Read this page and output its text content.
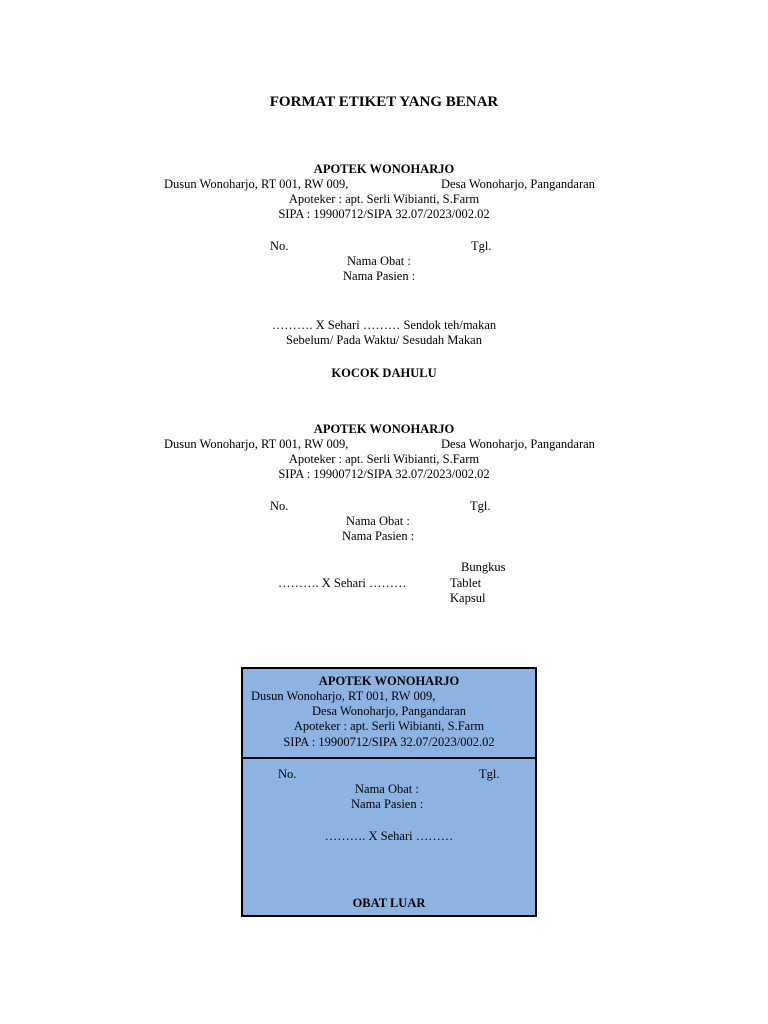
FORMAT ETIKET YANG BENAR
APOTEK WONOHARJO
Dusun Wonoharjo, RT 001, RW 009,	Desa Wonoharjo, Pangandaran
Apoteker : apt. Serli Wibianti, S.Farm
SIPA : 19900712/SIPA 32.07/2023/002.02
No.	Tgl.
Nama Obat :
Nama Pasien :
………. X Sehari ……… Sendok teh/makan
Sebelum/ Pada Waktu/ Sesudah Makan
KOCOK DAHULU
APOTEK WONOHARJO
Dusun Wonoharjo, RT 001, RW 009,	Desa Wonoharjo, Pangandaran
Apoteker : apt. Serli Wibianti, S.Farm
SIPA : 19900712/SIPA 32.07/2023/002.02
No.	Tgl.
Nama Obat :
Nama Pasien :
Bungkus
………. X Sehari ………	Tablet
Kapsul
APOTEK WONOHARJO
Dusun Wonoharjo, RT 001, RW 009,
Desa Wonoharjo, Pangandaran
Apoteker : apt. Serli Wibianti, S.Farm
SIPA : 19900712/SIPA 32.07/2023/002.02
No.	Tgl.
Nama Obat :
Nama Pasien :
………. X Sehari ………
OBAT LUAR
